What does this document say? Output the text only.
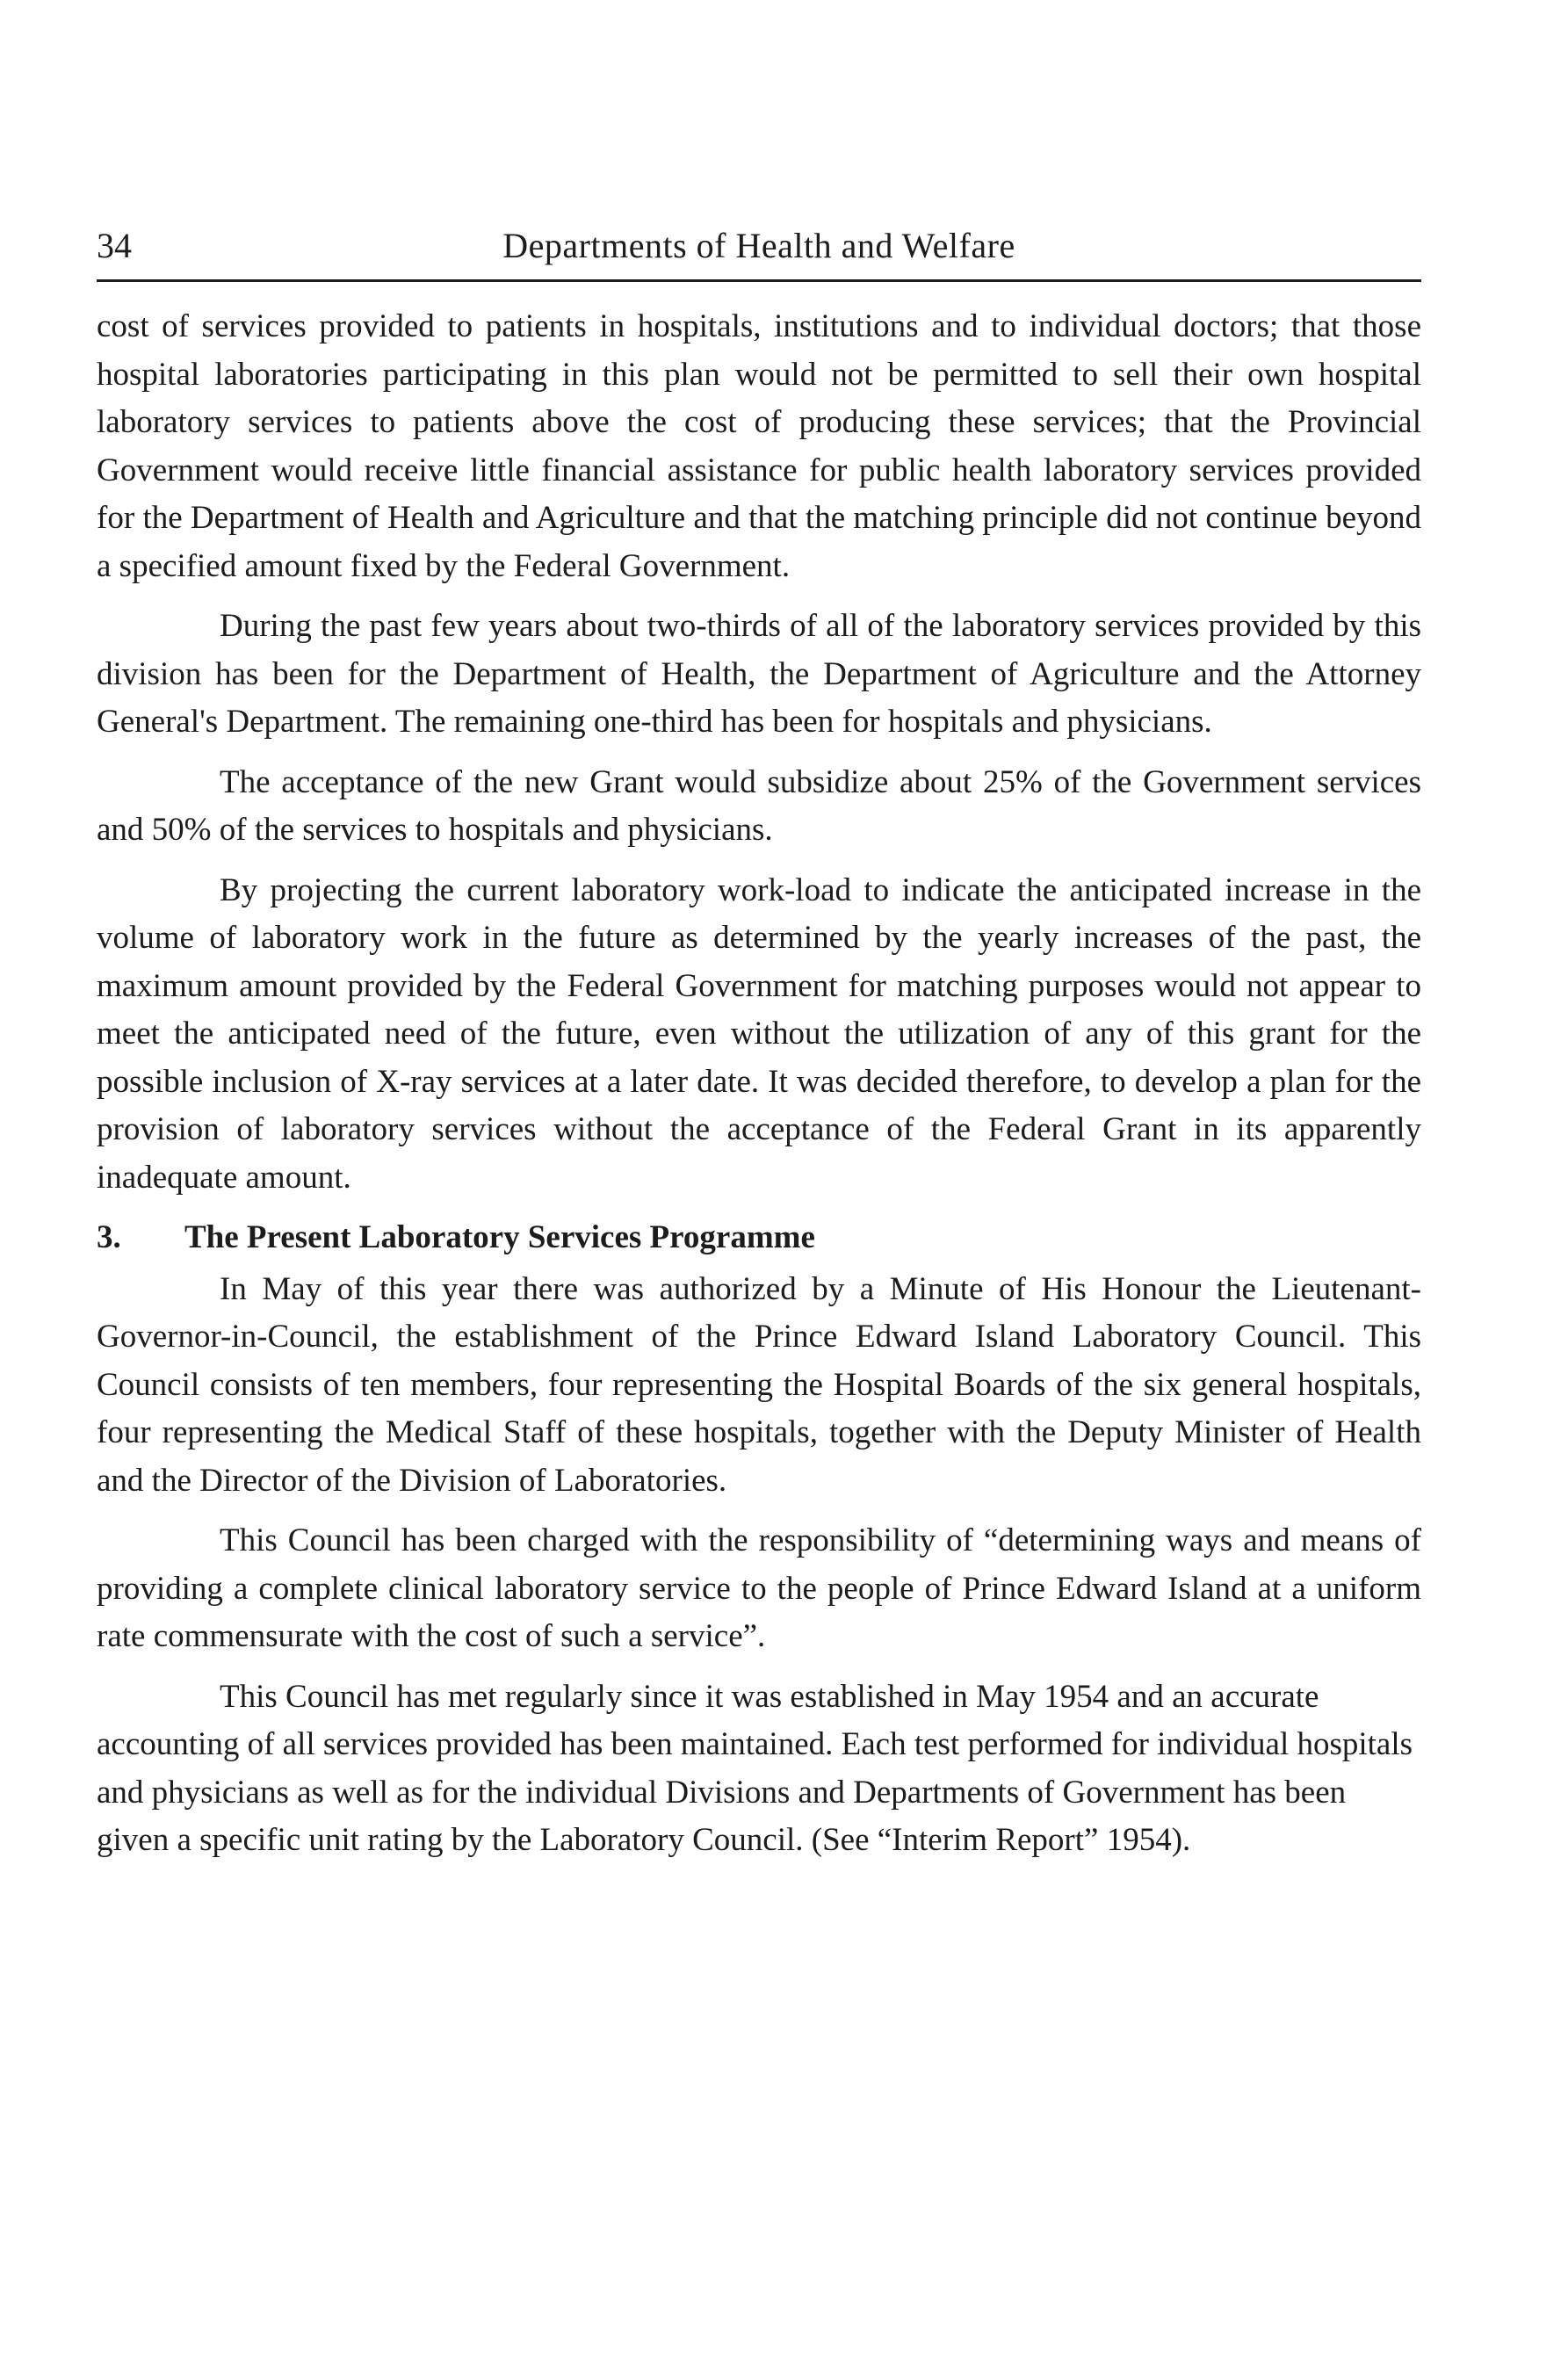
34	Departments of Health and Welfare

cost of services provided to patients in hospitals, institutions and to individual doctors; that those hospital laboratories participating in this plan would not be permitted to sell their own hospital laboratory services to patients above the cost of producing these services; that the Provincial Government would receive little financial assistance for public health laboratory services provided for the Department of Health and Agriculture and that the matching principle did not continue beyond a specified amount fixed by the Federal Government.

During the past few years about two-thirds of all of the laboratory services provided by this division has been for the Department of Health, the Department of Agriculture and the Attorney General's Department. The remaining one-third has been for hospitals and physicians.

The acceptance of the new Grant would subsidize about 25% of the Government services and 50% of the services to hospitals and physicians.

By projecting the current laboratory work-load to indicate the anticipated increase in the volume of laboratory work in the future as determined by the yearly increases of the past, the maximum amount provided by the Federal Government for matching purposes would not appear to meet the anticipated need of the future, even without the utilization of any of this grant for the possible inclusion of X-ray services at a later date. It was decided therefore, to develop a plan for the provision of laboratory services without the acceptance of the Federal Grant in its apparently inadequate amount.

3. The Present Laboratory Services Programme

In May of this year there was authorized by a Minute of His Honour the Lieutenant-Governor-in-Council, the establishment of the Prince Edward Island Laboratory Council. This Council consists of ten members, four representing the Hospital Boards of the six general hospitals, four representing the Medical Staff of these hospitals, together with the Deputy Minister of Health and the Director of the Division of Laboratories.

This Council has been charged with the responsibility of “determining ways and means of providing a complete clinical laboratory service to the people of Prince Edward Island at a uniform rate commensurate with the cost of such a service”.

This Council has met regularly since it was established in May 1954 and an accurate accounting of all services provided has been maintained. Each test performed for individual hospitals and physicians as well as for the individual Divisions and Departments of Government has been given a specific unit rating by the Laboratory Council. (See “Interim Report” 1954).
